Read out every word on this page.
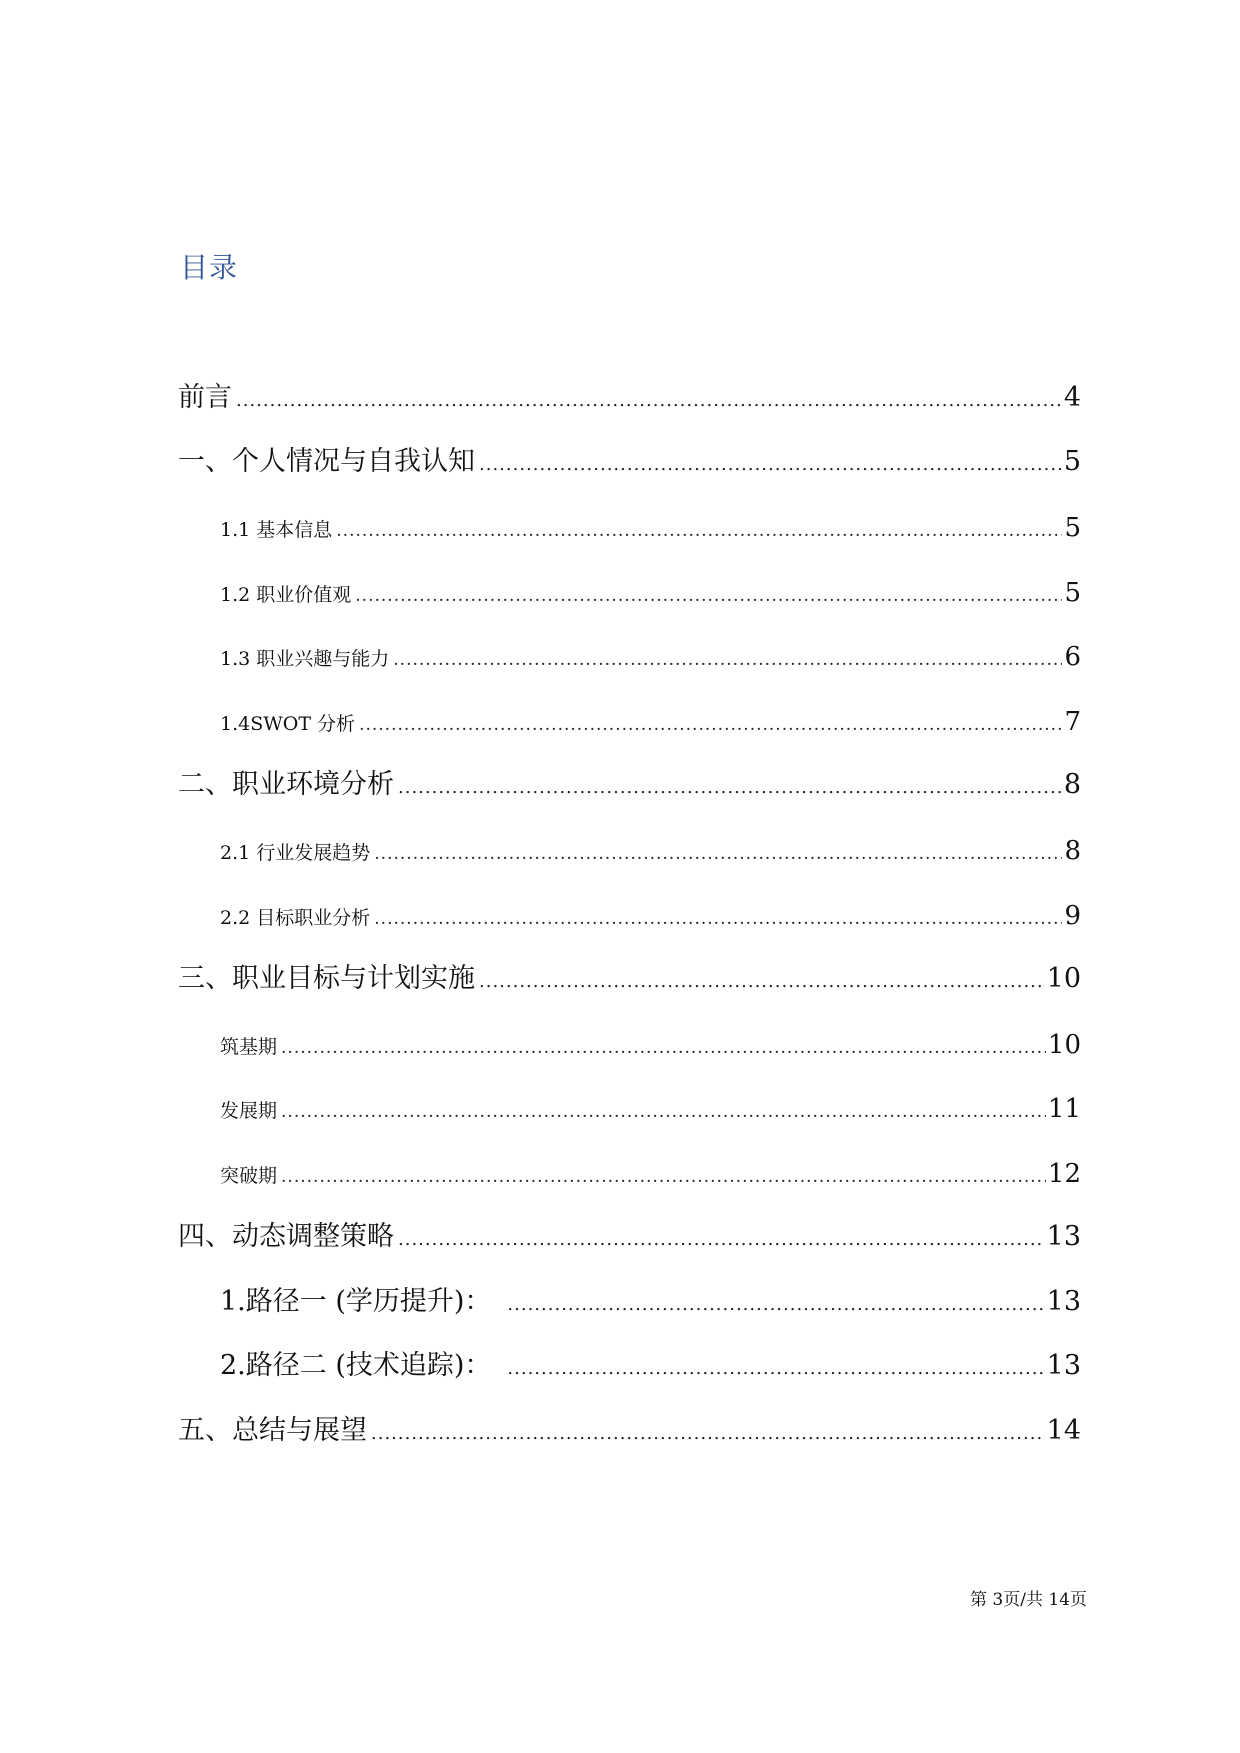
目录
前言 .....	4
一、个人情况与自我认知 .....	5
1.1 基本信息 .....	5
1.2 职业价值观 .....	5
1.3 职业兴趣与能力 .....	6
1.4SWOT 分析 .....	7
二、职业环境分析 .....	8
2.1 行业发展趋势 .....	8
2.2 目标职业分析 .....	9
三、职业目标与计划实施 .....	10
筑基期 .....	10
发展期 .....	11
突破期 .....	12
四、动态调整策略 .....	13
1.路径一 (学历提升)： .....	13
2.路径二 (技术追踪)： .....	13
五、总结与展望 .....	14
第 3页/共 14页
